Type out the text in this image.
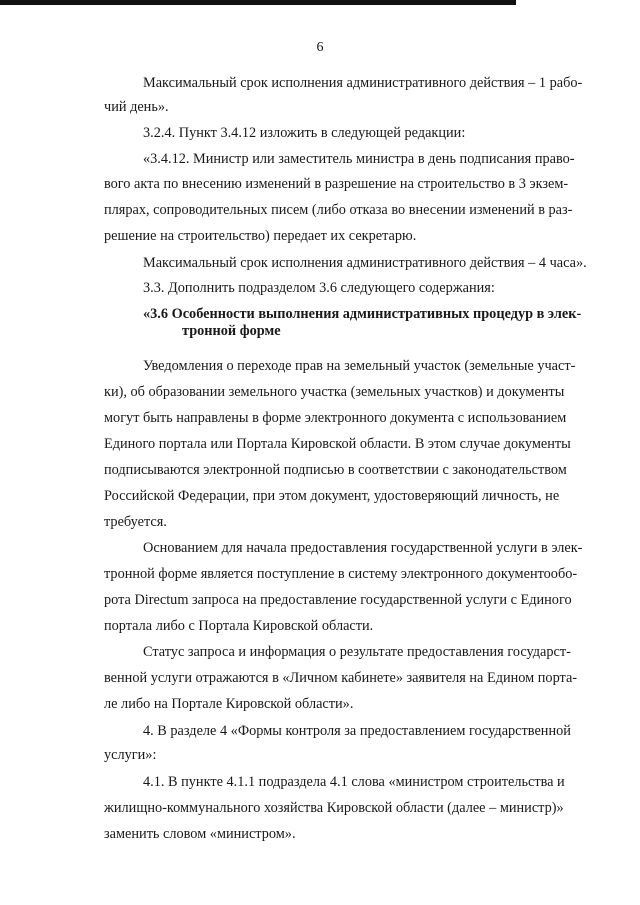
6
Максимальный срок исполнения административного действия – 1 рабо-
чий день».
3.2.4. Пункт 3.4.12 изложить в следующей редакции:
«3.4.12. Министр или заместитель министра в день подписания право-
вого акта по внесению изменений в разрешение на строительство в 3 экзем-
плярах, сопроводительных писем (либо отказа во внесении изменений в раз-
решение на строительство) передает их секретарю.
Максимальный срок исполнения административного действия – 4 часа».
3.3. Дополнить подразделом 3.6 следующего содержания:
«3.6 Особенности выполнения административных процедур в элек-
тронной форме
Уведомления о переходе прав на земельный участок (земельные участ-
ки), об образовании земельного участка (земельных участков) и документы
могут быть направлены в форме электронного документа с использованием
Единого портала или Портала Кировской области. В этом случае документы
подписываются электронной подписью в соответствии с законодательством
Российской Федерации, при этом документ, удостоверяющий личность, не
требуется.
Основанием для начала предоставления государственной услуги в элек-
тронной форме является поступление в систему электронного документообо-
рота Directum запроса на предоставление государственной услуги с Единого
портала либо с Портала Кировской области.
Статус запроса и информация о результате предоставления государст-
венной услуги отражаются в «Личном кабинете» заявителя на Едином порта-
ле либо на Портале Кировской области».
4. В разделе 4 «Формы контроля за предоставлением государственной
услуги»:
4.1. В пункте 4.1.1 подраздела 4.1 слова «министром строительства и
жилищно-коммунального хозяйства Кировской области (далее – министр)»
заменить словом «министром».
